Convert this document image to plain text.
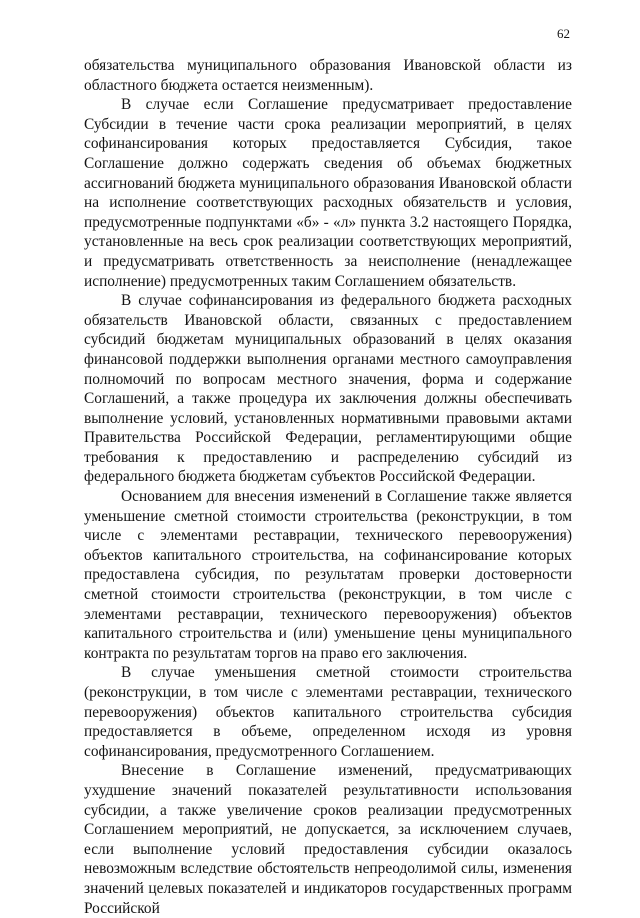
62

обязательства муниципального образования Ивановской области из областного бюджета остается неизменным).

В случае если Соглашение предусматривает предоставление Субсидии в течение части срока реализации мероприятий, в целях софинансирования которых предоставляется Субсидия, такое Соглашение должно содержать сведения об объемах бюджетных ассигнований бюджета муниципального образования Ивановской области на исполнение соответствующих расходных обязательств и условия, предусмотренные подпунктами «б» - «л» пункта 3.2 настоящего Порядка, установленные на весь срок реализации соответствующих мероприятий, и предусматривать ответственность за неисполнение (ненадлежащее исполнение) предусмотренных таким Соглашением обязательств.

В случае софинансирования из федерального бюджета расходных обязательств Ивановской области, связанных с предоставлением субсидий бюджетам муниципальных образований в целях оказания финансовой поддержки выполнения органами местного самоуправления полномочий по вопросам местного значения, форма и содержание Соглашений, а также процедура их заключения должны обеспечивать выполнение условий, установленных нормативными правовыми актами Правительства Российской Федерации, регламентирующими общие требования к предоставлению и распределению субсидий из федерального бюджета бюджетам субъектов Российской Федерации.

Основанием для внесения изменений в Соглашение также является уменьшение сметной стоимости строительства (реконструкции, в том числе с элементами реставрации, технического перевооружения) объектов капитального строительства, на софинансирование которых предоставлена субсидия, по результатам проверки достоверности сметной стоимости строительства (реконструкции, в том числе с элементами реставрации, технического перевооружения) объектов капитального строительства и (или) уменьшение цены муниципального контракта по результатам торгов на право его заключения.

В случае уменьшения сметной стоимости строительства (реконструкции, в том числе с элементами реставрации, технического перевооружения) объектов капитального строительства субсидия предоставляется в объеме, определенном исходя из уровня софинансирования, предусмотренного Соглашением.

Внесение в Соглашение изменений, предусматривающих ухудшение значений показателей результативности использования субсидии, а также увеличение сроков реализации предусмотренных Соглашением мероприятий, не допускается, за исключением случаев, если выполнение условий предоставления субсидии оказалось невозможным вследствие обстоятельств непреодолимой силы, изменения значений целевых показателей и индикаторов государственных программ Российской
